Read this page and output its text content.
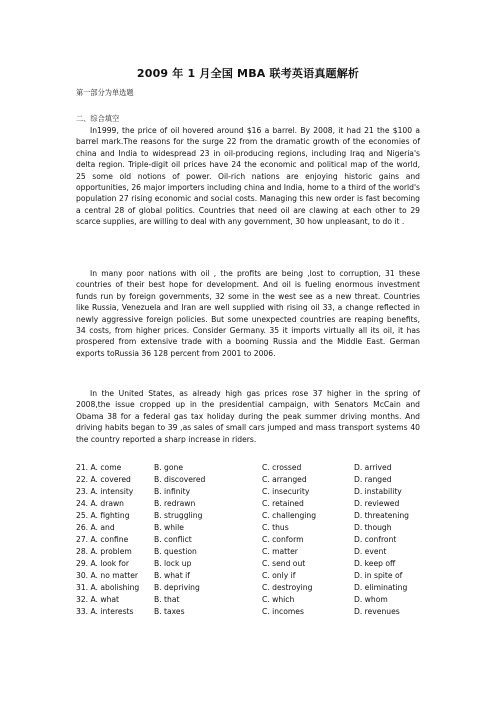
2009 年 1 月全国 MBA 联考英语真题解析
第一部分为单选题
二、综合填空

In1999, the price of oil hovered around $16 a barrel. By 2008, it had 21 the $100 a barrel mark.The reasons for the surge 22 from the dramatic growth of the economies of china and India to widespread 23 in oil-producing regions, including Iraq and Nigeria's delta region. Triple-digit oil prices have 24 the economic and political map of the world, 25 some old notions of power. Oil-rich nations are enjoying historic gains and opportunities, 26 major importers including china and India, home to a third of the world's population 27 rising economic and social costs. Managing this new order is fast becoming a central 28 of global politics. Countries that need oil are clawing at each other to 29 scarce supplies, are willing to deal with any government, 30 how unpleasant, to do it .

In many poor nations with oil , the profits are being ,lost to corruption, 31 these countries of their best hope for development. And oil is fueling enormous investment funds run by foreign governments, 32 some in the west see as a new threat. Countries like Russia, Venezuela and Iran are well supplied with rising oil 33, a change reflected in newly aggressive foreign policies. But some unexpected countries are reaping benefits, 34 costs, from higher prices. Consider Germany. 35 it imports virtually all its oil, it has prospered from extensive trade with a booming Russia and the Middle East. German exports toRussia 36 128 percent from 2001 to 2006.

In the United States, as already high gas prices rose 37 higher in the spring of 2008,the issue cropped up in the presidential campaign, with Senators McCain and Obama 38 for a federal gas tax holiday during the peak summer driving months. And driving habits began to 39 ,as sales of small cars jumped and mass transport systems 40 the country reported a sharp increase in riders.

21. A. come	B. gone	C. crossed	D. arrived
22. A. covered	B. discovered	C. arranged	D. ranged
23. A. intensity	B. infinity	C. insecurity	D. instability
24. A. drawn	B. redrawn	C. retained	D. reviewed
25. A. fighting	B. struggling	C. challenging	D. threatening
26. A. and	B. while	C. thus	D. though
27. A. confine	B. conflict	C. conform	D. confront
28. A. problem	B. question	C. matter	D. event
29. A. look for	B. lock up	C. send out	D. keep off
30. A. no matter B. what if	C. only if	D. in spite of
31. A. abolishing B. depriving	C. destroying	D. eliminating
32. A. what	B. that	C. which	D. whom
33. A. interests	B. taxes	C. incomes	D. revenues
